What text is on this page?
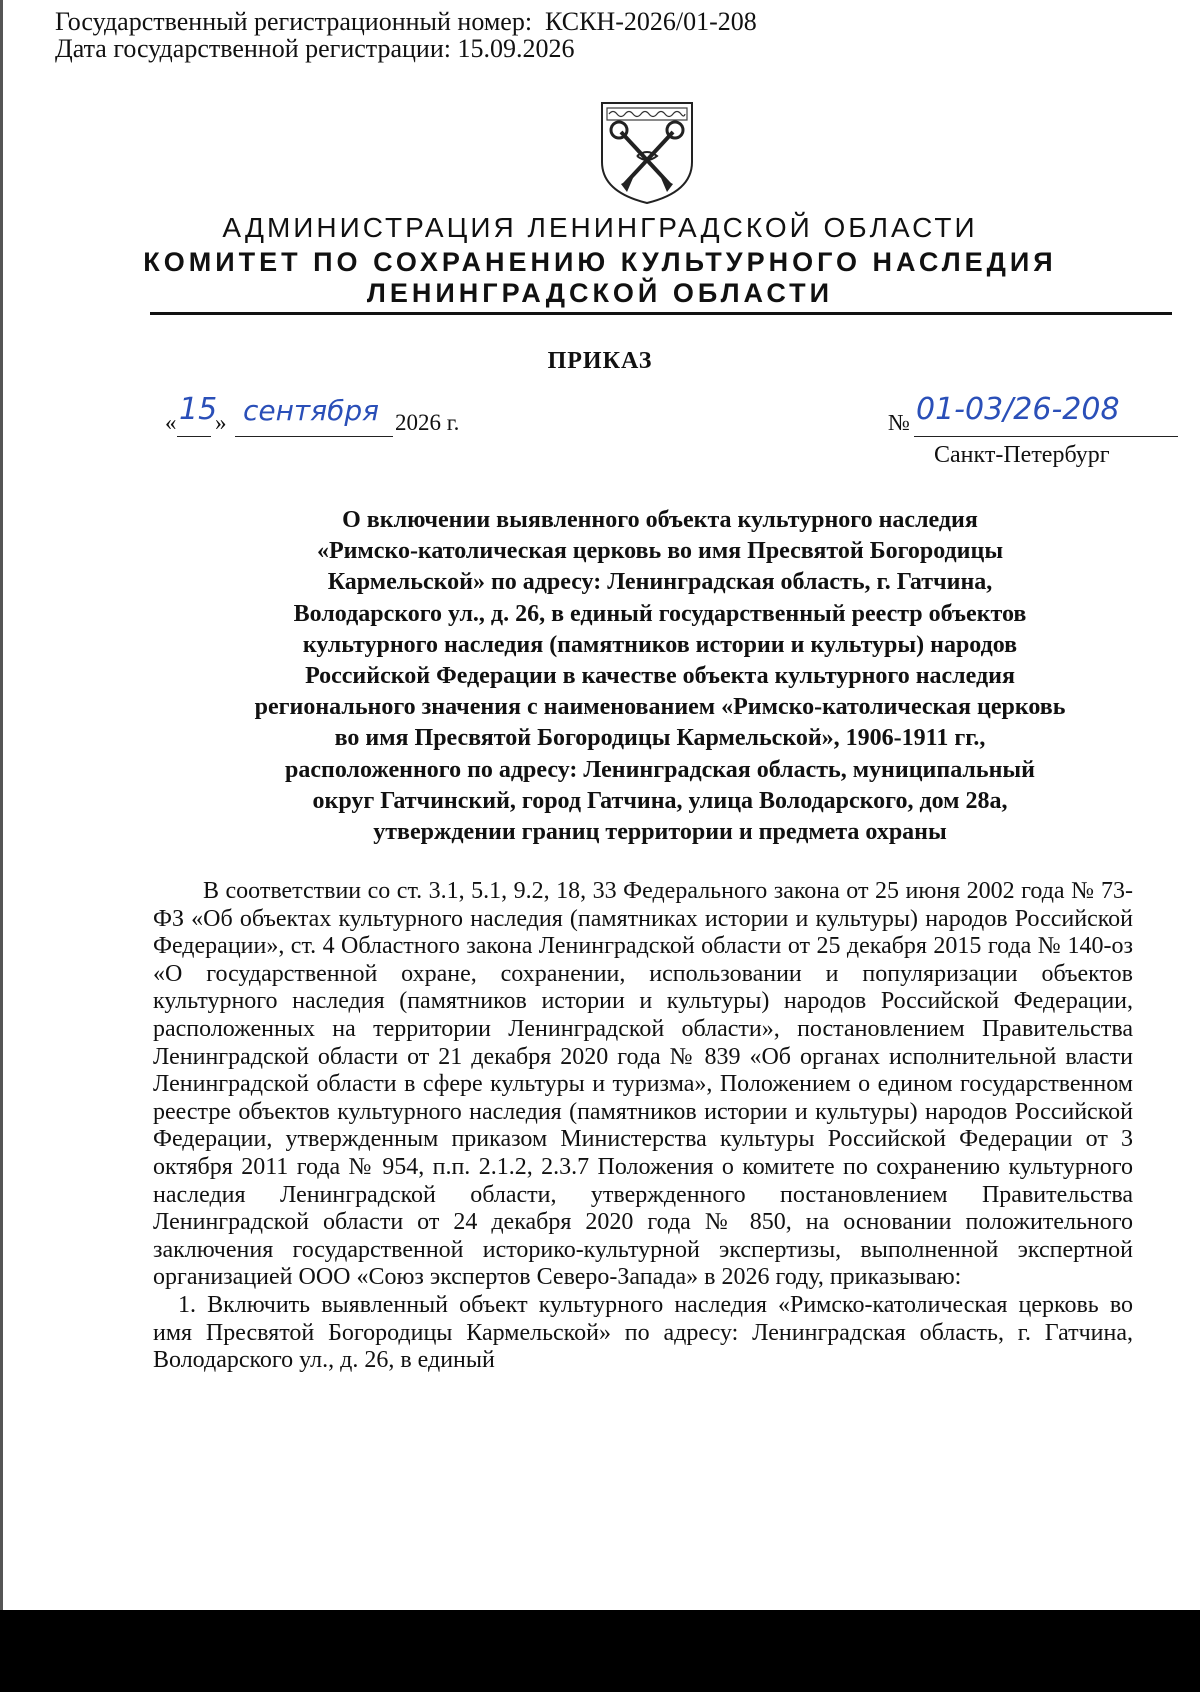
Государственный регистрационный номер:  КСКН-2026/01-208
Дата государственной регистрации: 15.09.2026
АДМИНИСТРАЦИЯ ЛЕНИНГРАДСКОЙ ОБЛАСТИ
КОМИТЕТ ПО СОХРАНЕНИЮ КУЛЬТУРНОГО НАСЛЕДИЯ
ЛЕНИНГРАДСКОЙ ОБЛАСТИ
ПРИКАЗ
« 15
» сентября 2026 г.	№ 01-03/26-208
Санкт-Петербург
О включении выявленного объекта культурного наследия
«Римско-католическая церковь во имя Пресвятой Богородицы
Кармельской» по адресу: Ленинградская область, г. Гатчина,
Володарского ул., д. 26, в единый государственный реестр объектов
культурного наследия (памятников истории и культуры) народов
Российской Федерации в качестве объекта культурного наследия
регионального значения с наименованием «Римско-католическая церковь
во имя Пресвятой Богородицы Кармельской», 1906-1911 гг.,
расположенного по адресу: Ленинградская область, муниципальный
округ Гатчинский, город Гатчина, улица Володарского, дом 28а,
утверждении границ территории и предмета охраны

В соответствии со ст. 3.1, 5.1, 9.2, 18, 33 Федерального закона от 25 июня 2002 года № 73-ФЗ «Об объектах культурного наследия (памятниках истории и культуры) народов Российской Федерации», ст. 4 Областного закона Ленинградской области от 25 декабря 2015 года № 140-оз «О государственной охране, сохранении, использовании и популяризации объектов культурного наследия (памятников истории и культуры) народов Российской Федерации, расположенных на территории Ленинградской области», постановлением Правительства Ленинградской области от 21 декабря 2020 года № 839 «Об органах исполнительной власти Ленинградской области в сфере культуры и туризма», Положением о едином государственном реестре объектов культурного наследия (памятников истории и культуры) народов Российской Федерации, утвержденным приказом Министерства культуры Российской Федерации от 3 октября 2011 года № 954, п.п. 2.1.2, 2.3.7 Положения о комитете по сохранению культурного наследия Ленинградской области, утвержденного постановлением Правительства Ленинградской области от 24 декабря 2020 года № 850, на основании положительного заключения государственной историко-культурной экспертизы, выполненной экспертной организацией ООО «Союз экспертов Северо-Запада» в 2026 году, приказываю:

1. Включить выявленный объект культурного наследия «Римско-католическая церковь во имя Пресвятой Богородицы Кармельской» по адресу: Ленинградская область, г. Гатчина, Володарского ул., д. 26, в единый
